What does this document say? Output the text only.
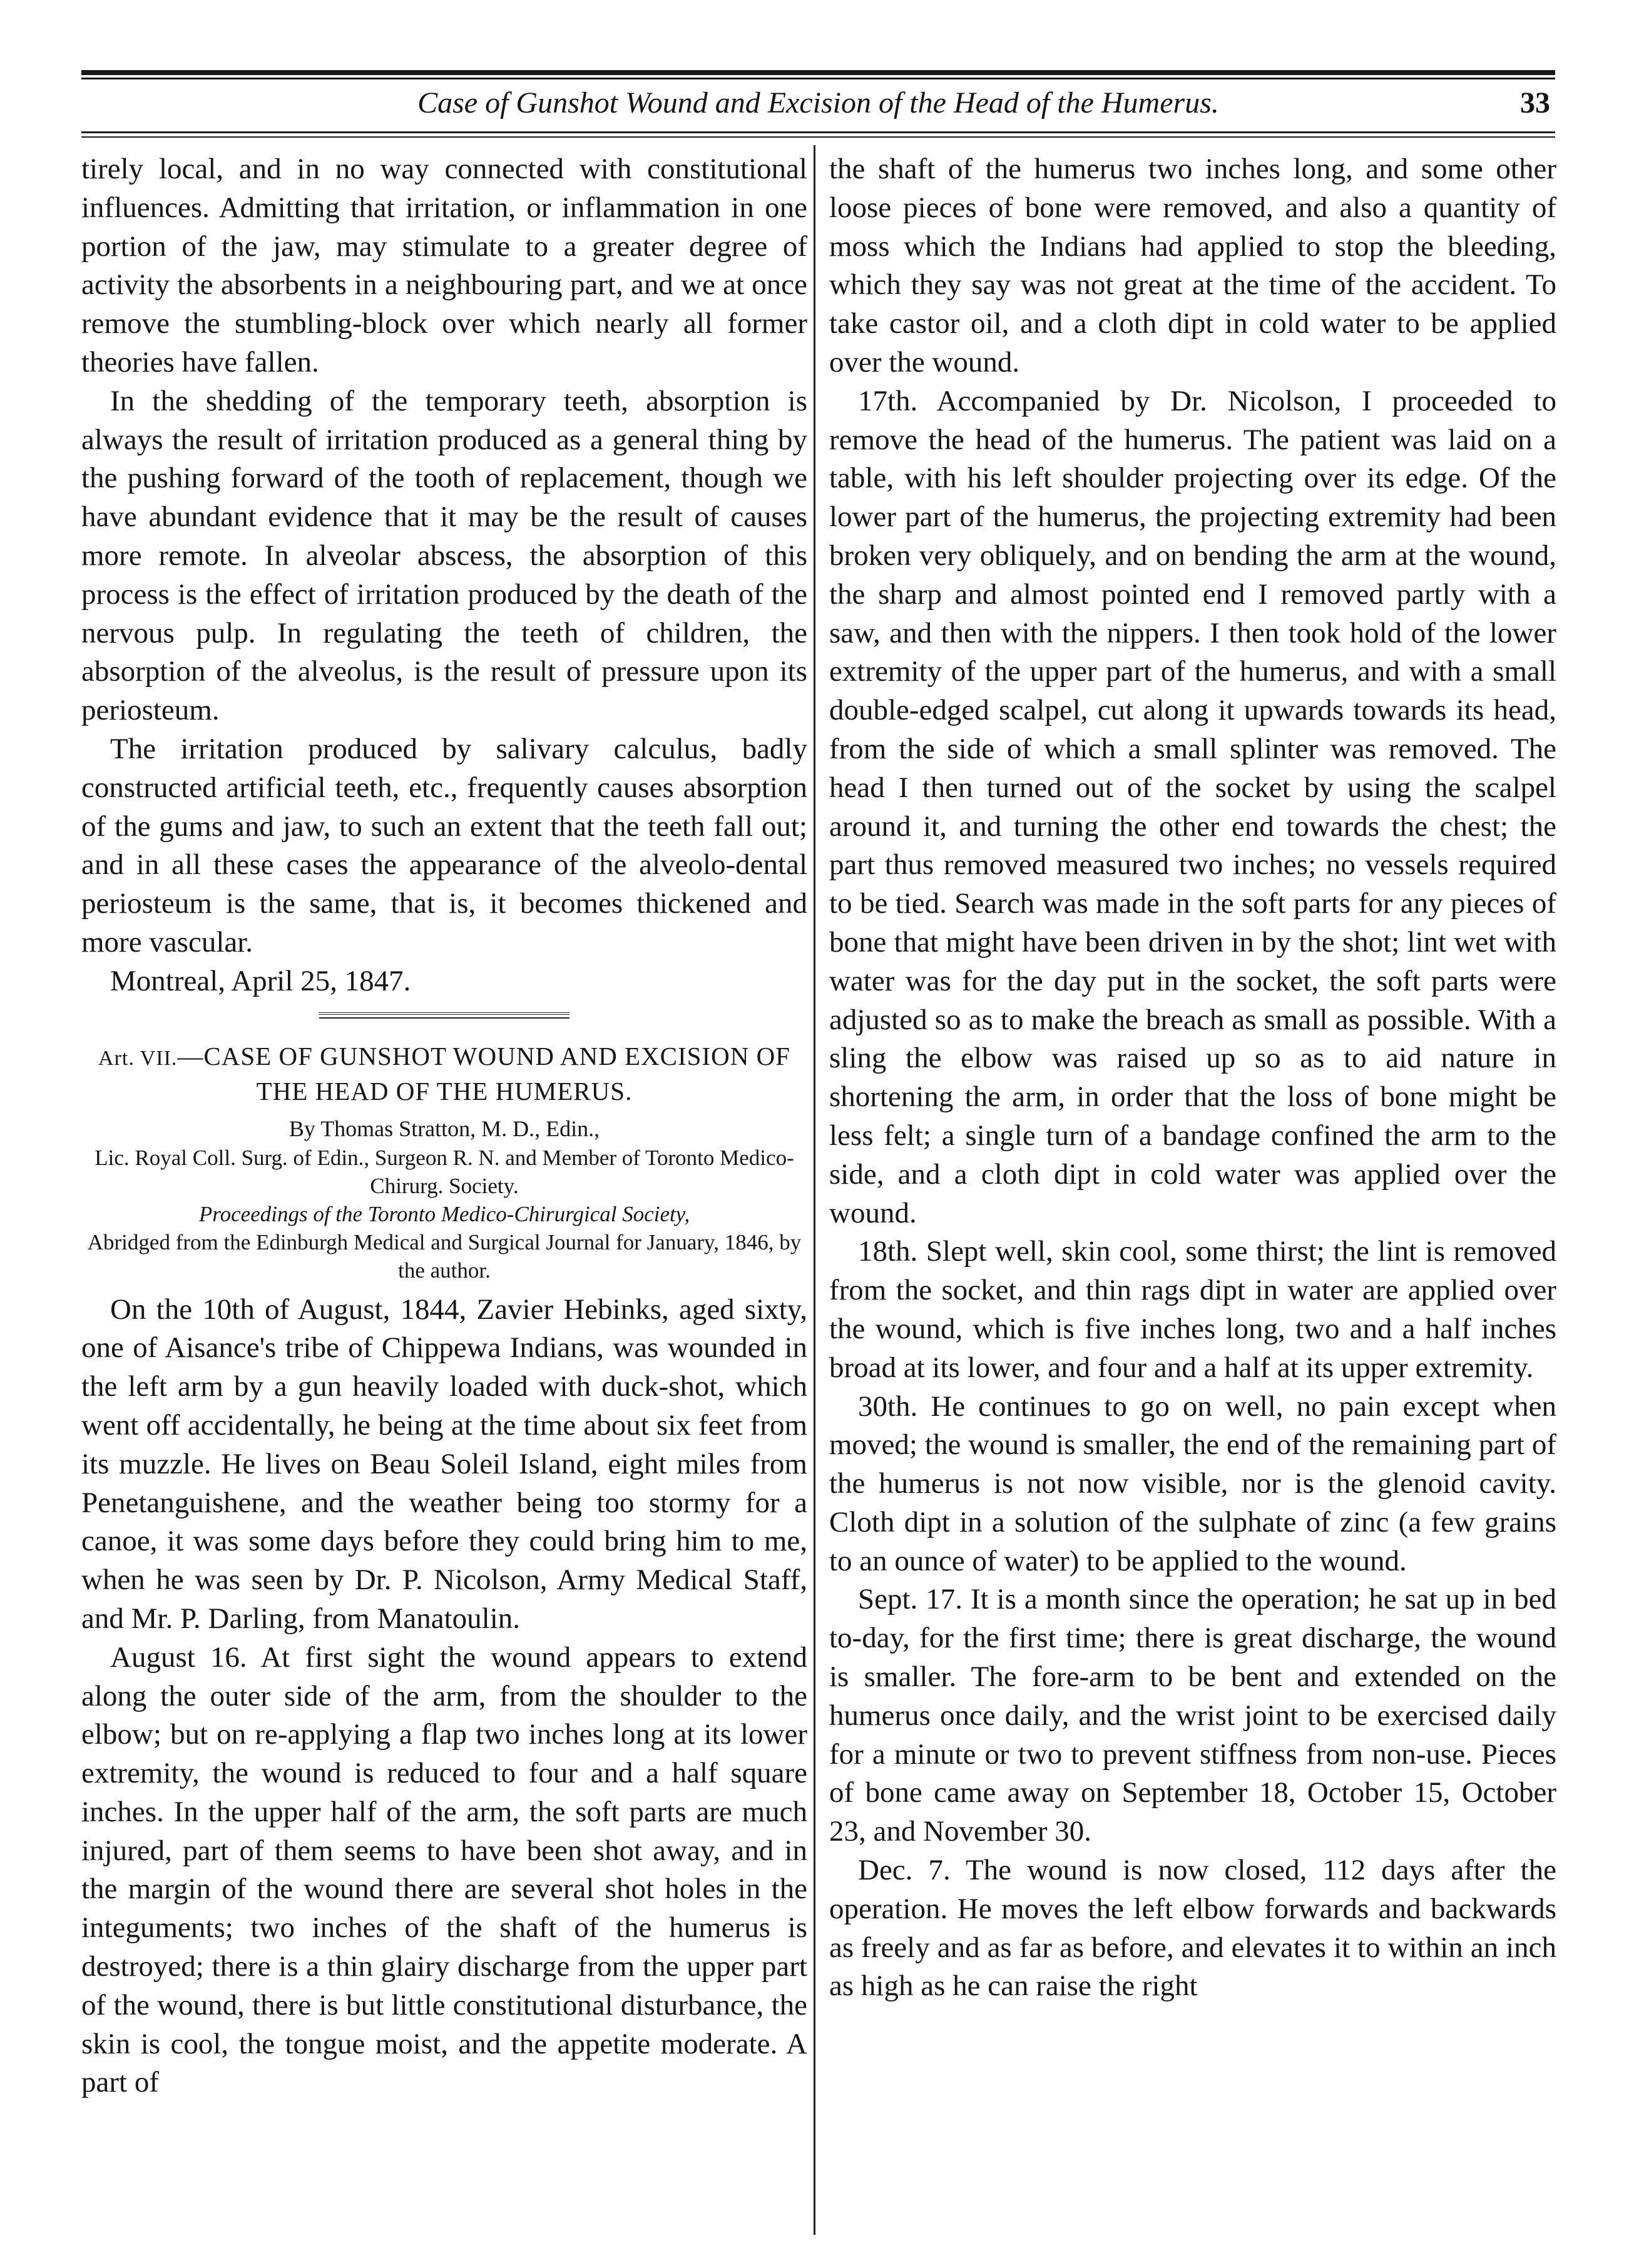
Case of Gunshot Wound and Excision of the Head of the Humerus.	33

tirely local, and in no way connected with constitutional influences. Admitting that irritation, or inflammation in one portion of the jaw, may stimulate to a greater degree of activity the absorbents in a neighbouring part, and we at once remove the stumbling-block over which nearly all former theories have fallen.

In the shedding of the temporary teeth, absorption is always the result of irritation produced as a general thing by the pushing forward of the tooth of replacement, though we have abundant evidence that it may be the result of causes more remote. In alveolar abscess, the absorption of this process is the effect of irritation produced by the death of the nervous pulp. In regulating the teeth of children, the absorption of the alveolus, is the result of pressure upon its periosteum.

The irritation produced by salivary calculus, badly constructed artificial teeth, etc., frequently causes absorption of the gums and jaw, to such an extent that the teeth fall out; and in all these cases the appearance of the alveolo-dental periosteum is the same, that is, it becomes thickened and more vascular.

Montreal, April 25, 1847.

Art. VII.—CASE OF GUNSHOT WOUND AND EXCISION OF THE HEAD OF THE HUMERUS.

By Thomas Stratton, M. D., Edin.,

Lic. Royal Coll. Surg. of Edin., Surgeon R. N. and Member of Toronto Medico-Chirurg. Society.

Proceedings of the Toronto Medico-Chirurgical Society,

Abridged from the Edinburgh Medical and Surgical Journal for January, 1846, by the author.

On the 10th of August, 1844, Zavier Hebinks, aged sixty, one of Aisance's tribe of Chippewa Indians, was wounded in the left arm by a gun heavily loaded with duck-shot, which went off accidentally, he being at the time about six feet from its muzzle. He lives on Beau Soleil Island, eight miles from Penetanguishene, and the weather being too stormy for a canoe, it was some days before they could bring him to me, when he was seen by Dr. P. Nicolson, Army Medical Staff, and Mr. P. Darling, from Manatoulin.

August 16. At first sight the wound appears to extend along the outer side of the arm, from the shoulder to the elbow; but on re-applying a flap two inches long at its lower extremity, the wound is reduced to four and a half square inches. In the upper half of the arm, the soft parts are much injured, part of them seems to have been shot away, and in the margin of the wound there are several shot holes in the integuments; two inches of the shaft of the humerus is destroyed; there is a thin glairy discharge from the upper part of the wound, there is but little constitutional disturbance, the skin is cool, the tongue moist, and the appetite moderate. A part of

the shaft of the humerus two inches long, and some other loose pieces of bone were removed, and also a quantity of moss which the Indians had applied to stop the bleeding, which they say was not great at the time of the accident. To take castor oil, and a cloth dipt in cold water to be applied over the wound.

17th. Accompanied by Dr. Nicolson, I proceeded to remove the head of the humerus. The patient was laid on a table, with his left shoulder projecting over its edge. Of the lower part of the humerus, the projecting extremity had been broken very obliquely, and on bending the arm at the wound, the sharp and almost pointed end I removed partly with a saw, and then with the nippers. I then took hold of the lower extremity of the upper part of the humerus, and with a small double-edged scalpel, cut along it upwards towards its head, from the side of which a small splinter was removed. The head I then turned out of the socket by using the scalpel around it, and turning the other end towards the chest; the part thus removed measured two inches; no vessels required to be tied. Search was made in the soft parts for any pieces of bone that might have been driven in by the shot; lint wet with water was for the day put in the socket, the soft parts were adjusted so as to make the breach as small as possible. With a sling the elbow was raised up so as to aid nature in shortening the arm, in order that the loss of bone might be less felt; a single turn of a bandage confined the arm to the side, and a cloth dipt in cold water was applied over the wound.

18th. Slept well, skin cool, some thirst; the lint is removed from the socket, and thin rags dipt in water are applied over the wound, which is five inches long, two and a half inches broad at its lower, and four and a half at its upper extremity.

30th. He continues to go on well, no pain except when moved; the wound is smaller, the end of the remaining part of the humerus is not now visible, nor is the glenoid cavity. Cloth dipt in a solution of the sulphate of zinc (a few grains to an ounce of water) to be applied to the wound.

Sept. 17. It is a month since the operation; he sat up in bed to-day, for the first time; there is great discharge, the wound is smaller. The fore-arm to be bent and extended on the humerus once daily, and the wrist joint to be exercised daily for a minute or two to prevent stiffness from non-use. Pieces of bone came away on September 18, October 15, October 23, and November 30.

Dec. 7. The wound is now closed, 112 days after the operation. He moves the left elbow forwards and backwards as freely and as far as before, and elevates it to within an inch as high as he can raise the right
